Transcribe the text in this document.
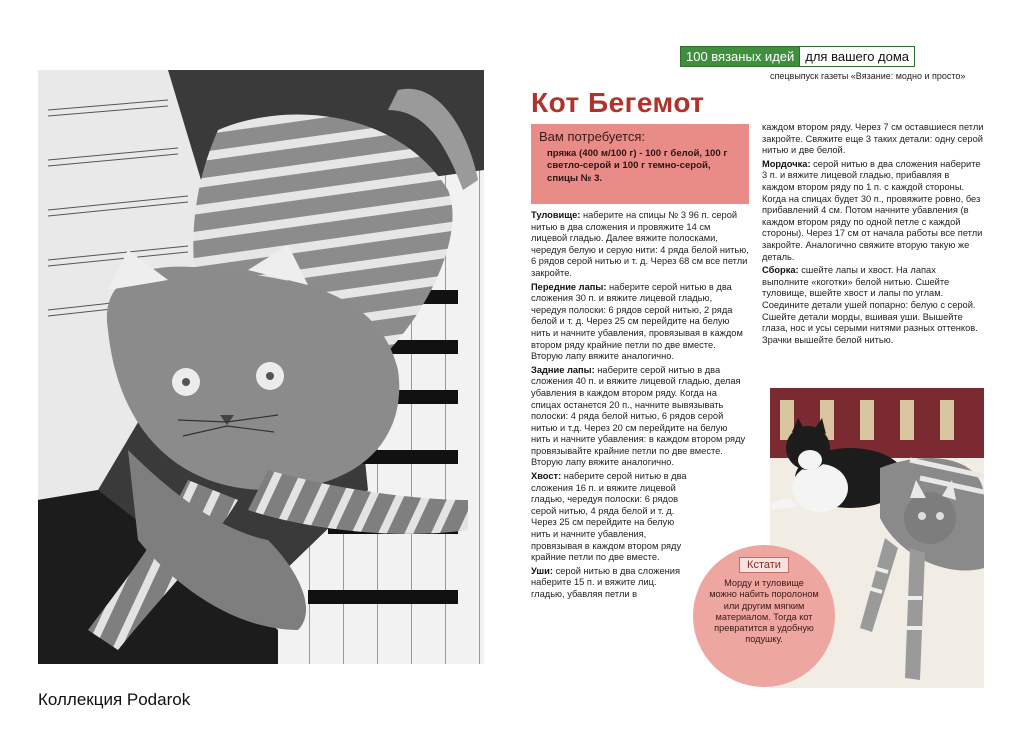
Коллекция Podarok
100 вязаных идей для вашего дома
спецвыпуск газеты «Вязание: модно и просто»
Кот Бегемот
Вам потребуется:
пряжа (400 м/100 г) - 100 г белой, 100 г светло-серой и 100 г темно-серой, спицы № 3.

Туловище: наберите на спицы № 3 96 п. серой нитью в два сложения и провяжите 14 см лицевой гладью. Далее вяжите полосками, чередуя белую и серую нити: 4 ряда белой нитью, 6 рядов серой нитью и т. д. Через 68 см все петли закройте.

Передние лапы: наберите серой нитью в два сложения 30 п. и вяжите лицевой гладью, чередуя полоски: 6 рядов серой нитью, 2 ряда белой и т. д. Через 25 см перейдите на белую нить и начните убавления, провязывая в каждом втором ряду крайние петли по две вместе. Вторую лапу вяжите аналогично.

Задние лапы: наберите серой нитью в два сложения 40 п. и вяжите лицевой гладью, делая убавления в каждом втором ряду. Когда на спицах останется 20 п., начните вывязывать полоски: 4 ряда белой нитью, 6 рядов серой нитью и т.д. Через 20 см перейдите на белую нить и начните убавления: в каждом втором ряду провязывайте крайние петли по две вместе. Вторую лапу вяжите аналогично.

Хвост: наберите серой нитью в два сложения 16 п. и вяжите лицевой гладью, чередуя полоски: 6 рядов серой нитью, 4 ряда белой и т. д. Через 25 см перейдите на белую нить и начните убавления, провязывая в каждом втором ряду крайние петли по две вместе.

Уши: серой нитью в два сложения наберите 15 п. и вяжите лиц. гладью, убавляя петли в

каждом втором ряду. Через 7 см оставшиеся петли закройте. Свяжите еще 3 таких детали: одну серой нитью и две белой.

Мордочка: серой нитью в два сложения наберите 3 п. и вяжите лицевой гладью, прибавляя в каждом втором ряду по 1 п. с каждой стороны. Когда на спицах будет 30 п., провяжите ровно, без прибавлений 4 см. Потом начните убавления (в каждом втором ряду по одной петле с каждой стороны). Через 17 см от начала работы все петли закройте. Аналогично свяжите вторую такую же деталь.

Сборка: сшейте лапы и хвост. На лапах выполните «коготки» белой нитью. Сшейте туловище, вшейте хвост и лапы по углам. Соедините детали ушей попарно: белую с серой. Сшейте детали морды, вшивая уши. Вышейте глаза, нос и усы серыми нитями разных оттенков. Зрачки вышейте белой нитью.

Кстати
Морду и туловище можно набить поролоном или другим мягким материалом. Тогда кот превратится в удобную подушку.
